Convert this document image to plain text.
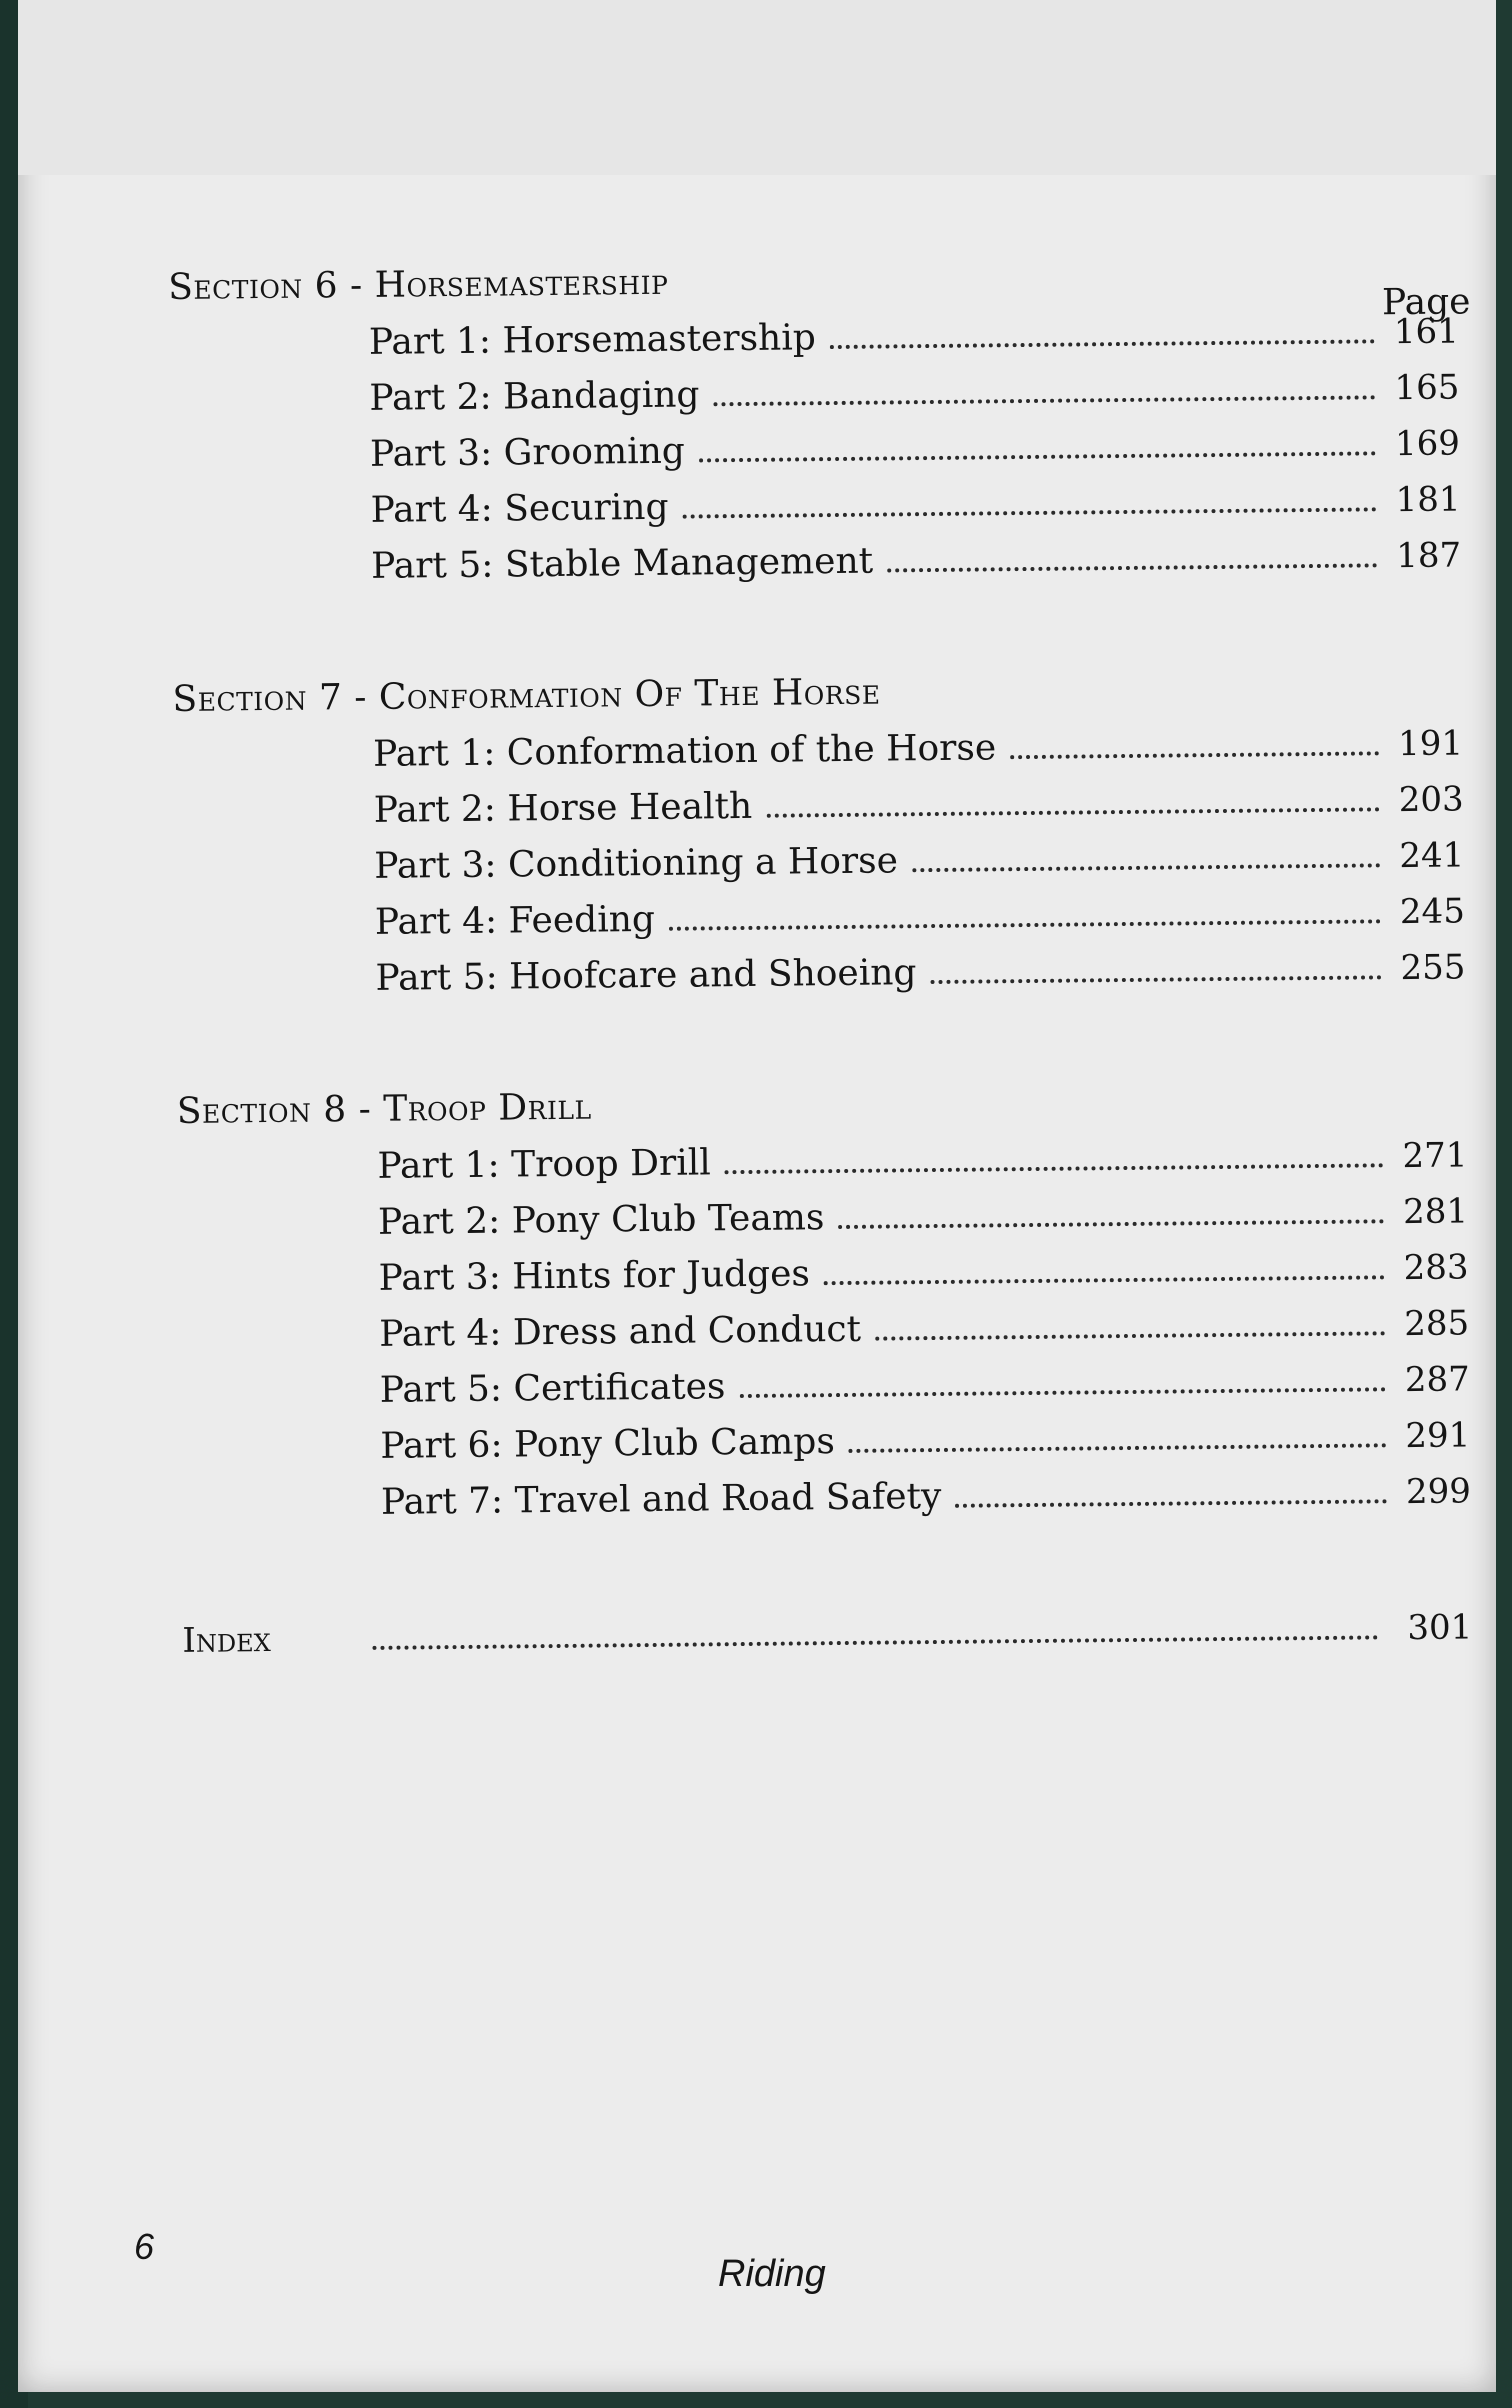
Page
Section 6 - Horsemastership
Part 1: Horsemastership	161
Part 2: Bandaging	165
Part 3: Grooming	169
Part 4: Securing	181
Part 5: Stable Management	187
Section 7 - Conformation Of The Horse
Part 1: Conformation of the Horse	191
Part 2: Horse Health	203
Part 3: Conditioning a Horse	241
Part 4: Feeding	245
Part 5: Hoofcare and Shoeing	255
Section 8 - Troop Drill
Part 1: Troop Drill	271
Part 2: Pony Club Teams	281
Part 3: Hints for Judges	283
Part 4: Dress and Conduct	285
Part 5: Certificates	287
Part 6: Pony Club Camps	291
Part 7: Travel and Road Safety	299
Index	301
6
Riding
